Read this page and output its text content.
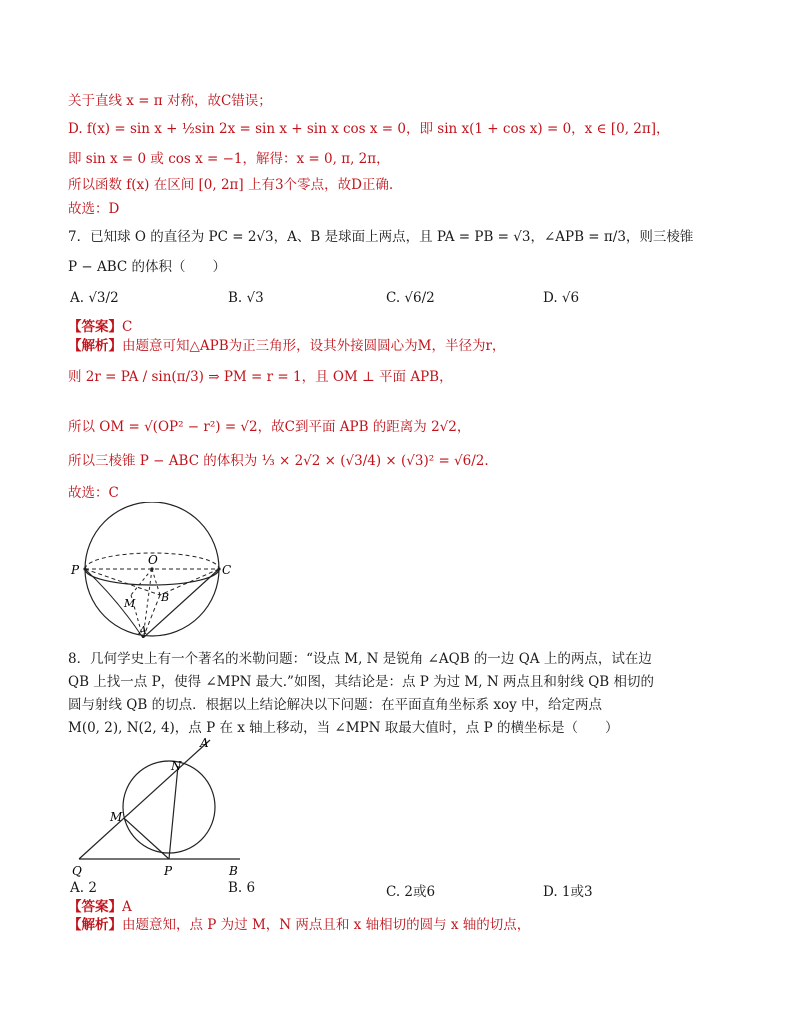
关于直线 x = π 对称，故C错误；
D. f(x) = sin x + ½sin 2x = sin x + sin x cos x = 0，即 sin x(1 + cos x) = 0，x ∈ [0, 2π]，
即 sin x = 0 或 cos x = −1，解得：x = 0, π, 2π，
所以函数 f(x) 在区间 [0, 2π] 上有3个零点，故D正确.
故选：D
7．已知球 O 的直径为 PC = 2√3，A、B 是球面上两点，且 PA = PB = √3，∠APB = π/3，则三棱锥
P − ABC 的体积（　　）
A. √3/2	B. √3	C. √6/2	D. √6
【答案】C
【解析】由题意可知△APB为正三角形，设其外接圆圆心为M，半径为r，
则 2r = PA / sin(π/3) ⇒ PM = r = 1，且 OM ⊥ 平面 APB，
所以 OM = √(OP² − r²) = √2，故C到平面 APB 的距离为 2√2，
所以三棱锥 P − ABC 的体积为 ⅓ × 2√2 × (√3/4) × (√3)² = √6/2.
故选：C
P
O
C
M B
A
8．几何学史上有一个著名的米勒问题：“设点 M, N 是锐角 ∠AQB 的一边 QA 上的两点，试在边
QB 上找一点 P，使得 ∠MPN 最大.”如图，其结论是：点 P 为过 M, N 两点且和射线 QB 相切的
圆与射线 QB 的切点．根据以上结论解决以下问题：在平面直角坐标系 xoy 中，给定两点
M(0, 2), N(2, 4)，点 P 在 x 轴上移动，当 ∠MPN 取最大值时，点 P 的横坐标是（　　）
A
N
M
Q	P	B
A. 2	B. 6	C. 2或6	D. 1或3
【答案】A
【解析】由题意知，点 P 为过 M，N 两点且和 x 轴相切的圆与 x 轴的切点，
